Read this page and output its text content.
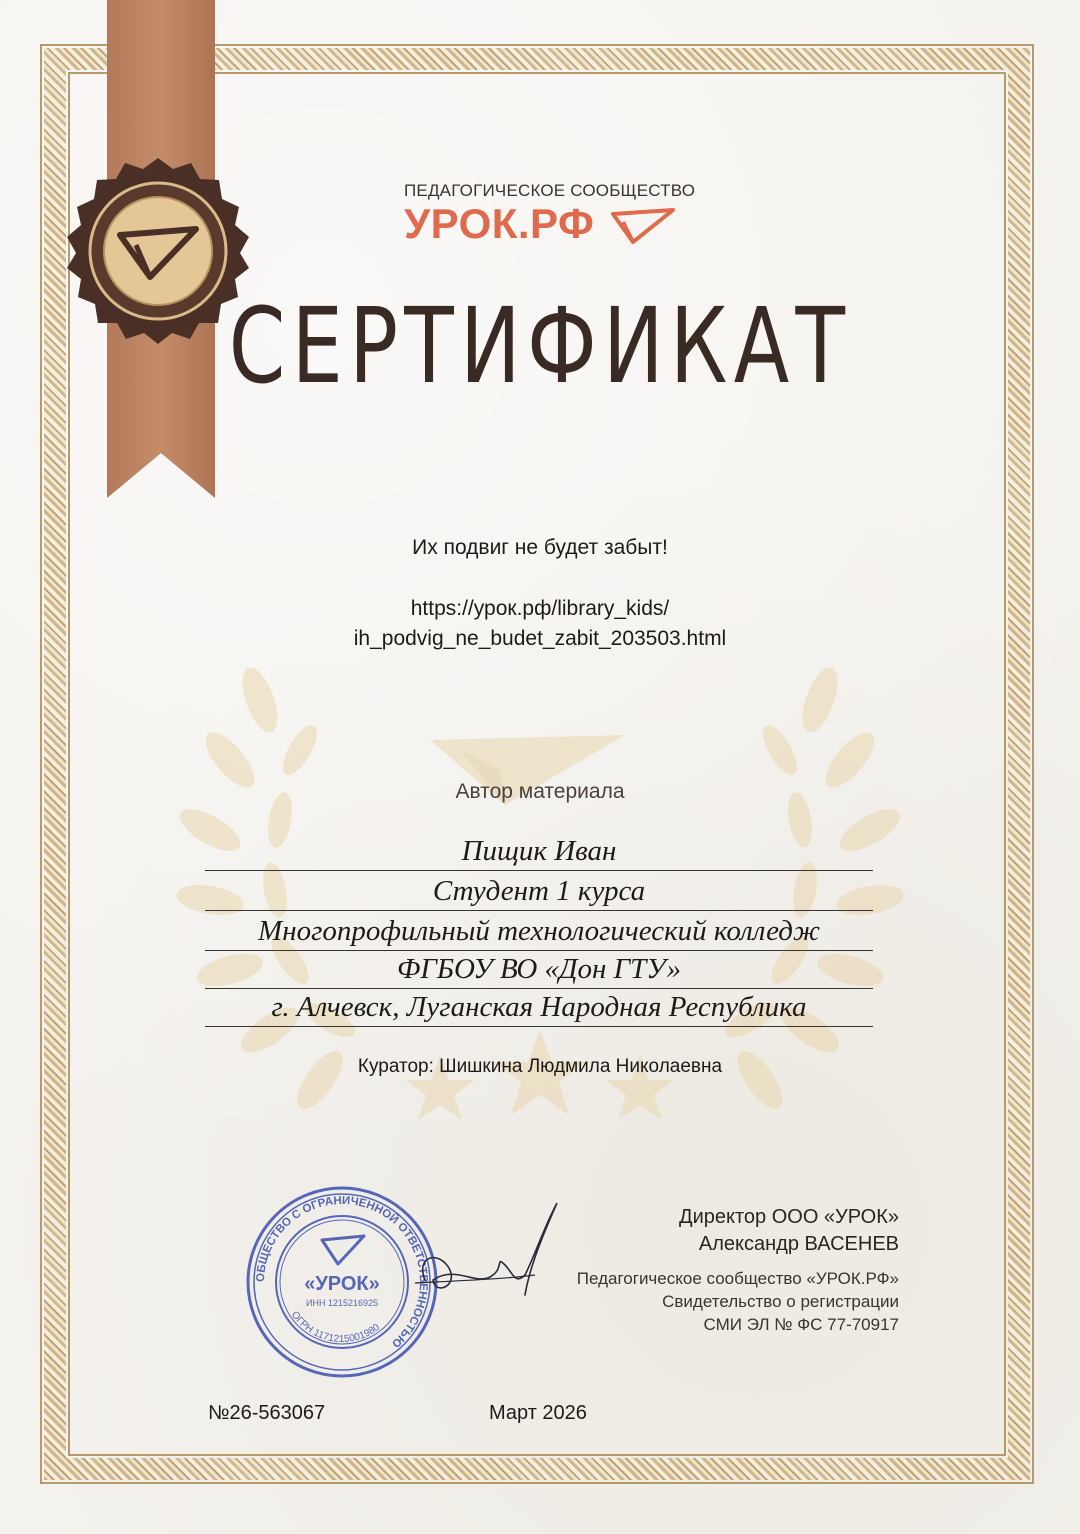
ПЕДАГОГИЧЕСКОЕ СООБЩЕСТВО
УРОК.РФ
СЕРТИФИКАТ
Их подвиг не будет забыт!
https://урок.рф/library_kids/
ih_podvig_ne_budet_zabit_203503.html
Автор материала
Пищик Иван
Студент 1 курса
Многопрофильный технологический колледж
ФГБОУ ВО «Дон ГТУ»
г. Алчевск, Луганская Народная Республика
Куратор: Шишкина Людмила Николаевна
ОБЩЕСТВО С ОГРАНИЧЕННОЙ ОТВЕТСТВЕННОСТЬЮ
ОГРН 1171215001980
«УРОК»
ИНН 1215216925
Директор ООО «УРОК»
Александр ВАСЕНЕВ
Педагогическое сообщество «УРОК.РФ»
Свидетельство о регистрации
СМИ ЭЛ № ФС 77-70917
№26-563067	Март 2026
